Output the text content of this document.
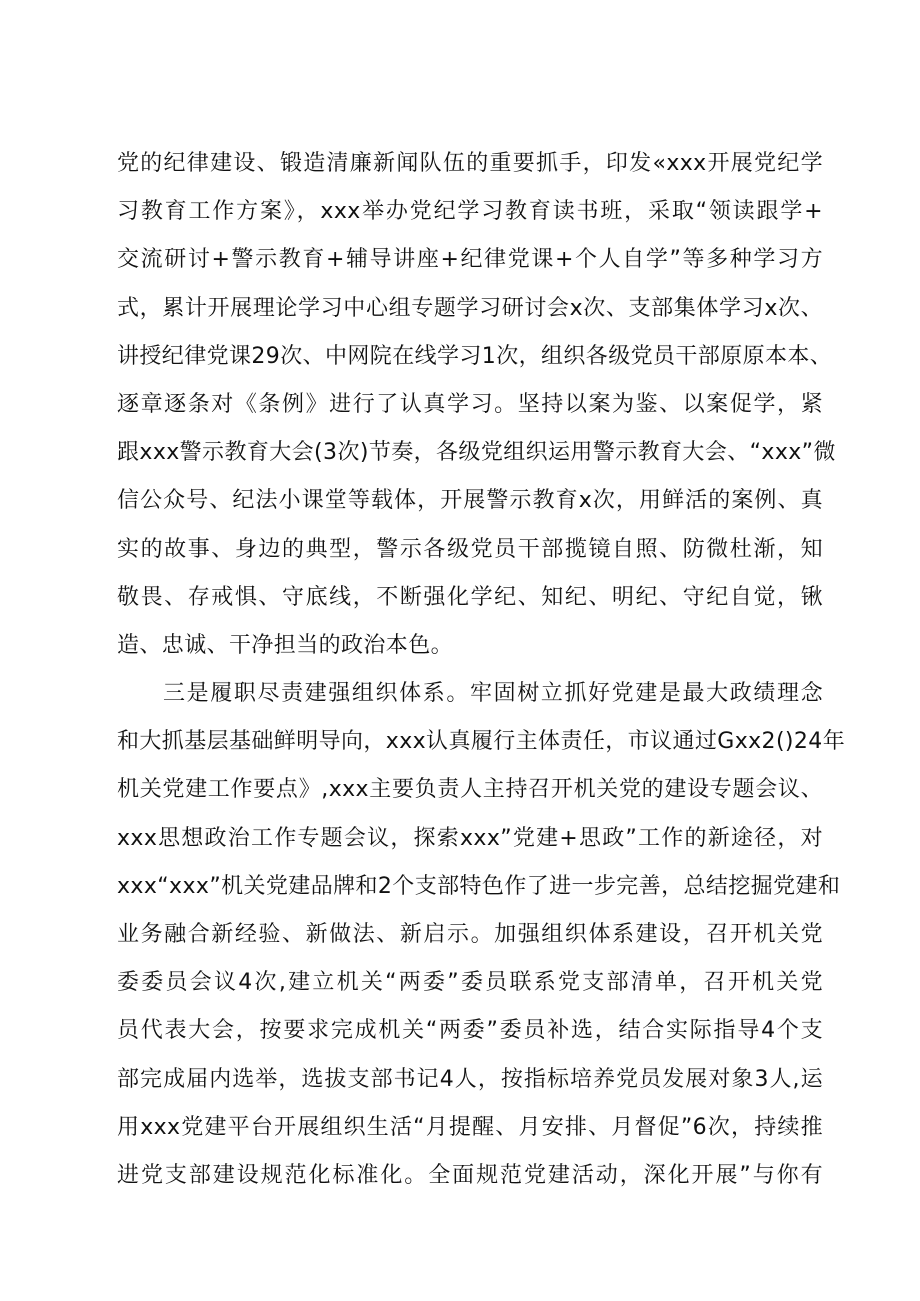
党的纪律建设、锻造清廉新闻队伍的重要抓手，印发«xxx开展党纪学
习教育工作方案》，xxx举办党纪学习教育读书班，采取“领读跟学+
交流研讨+警示教育+辅导讲座+纪律党课+个人自学”等多种学习方
式，累计开展理论学习中心组专题学习研讨会x次、支部集体学习x次、
讲授纪律党课29次、中网院在线学习1次，组织各级党员干部原原本本、
逐章逐条对《条例》进行了认真学习。坚持以案为鉴、以案促学，紧
跟xxx警示教育大会(3次)节奏，各级党组织运用警示教育大会、“xxx”微
信公众号、纪法小课堂等载体，开展警示教育x次，用鲜活的案例、真
实的故事、身边的典型，警示各级党员干部揽镜自照、防微杜渐，知
敬畏、存戒惧、守底线，不断强化学纪、知纪、明纪、守纪自觉，锹
造、忠诚、干净担当的政治本色。
三是履职尽责建强组织体系。牢固树立抓好党建是最大政绩理念
和大抓基层基础鲜明导向，xxx认真履行主体责任，市议通过Gxx2()24年
机关党建工作要点》,xxx主要负责人主持召开机关党的建设专题会议、
xxx思想政治工作专题会议，探索xxx”党建+思政”工作的新途径，对
xxx“xxx”机关党建品牌和2个支部特色作了进一步完善，总结挖掘党建和
业务融合新经验、新做法、新启示。加强组织体系建设，召开机关党
委委员会议4次,建立机关“两委”委员联系党支部清单，召开机关党
员代表大会，按要求完成机关“两委”委员补选，结合实际指导4个支
部完成届内选举，选拔支部书记4人，按指标培养党员发展对象3人,运
用xxx党建平台开展组织生活“月提醒、月安排、月督促”6次，持续推
进党支部建设规范化标准化。全面规范党建活动，深化开展”与你有
